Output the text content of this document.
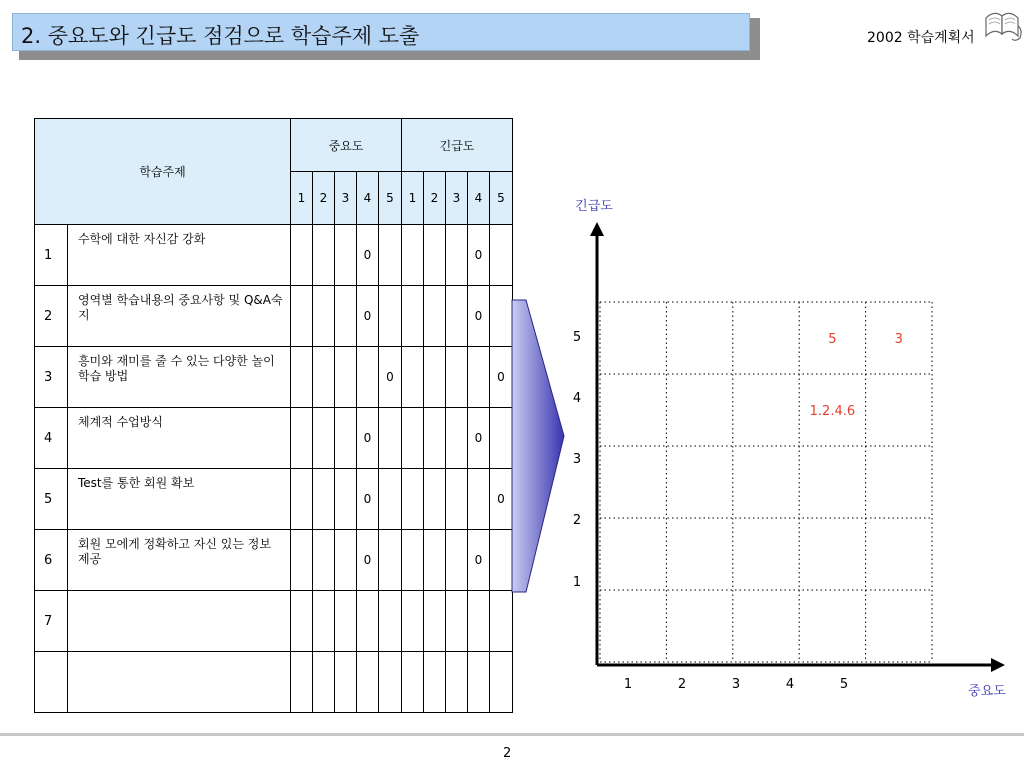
2. 중요도와 긴급도 점검으로 학습주제 도출	2002 학습계획서
학습주제		중요도					긴급도				
		1	2	3	4	5	1	2	3	4	5
1	수학에 대한 자신감 강화				0					0	
2	영역별 학습내용의 중요사항 및 Q&A숙지				0					0	
3	흥미와 재미를 줄 수 있는 다양한 놀이학습 방법					0					0
4	체계적 수업방식				0					0	
5	Test를 통한 회원 확보				0						0
6	회원 모에게 정확하고 자신 있는 정보 제공				0					0	
7											

1	2	3	4	5
1
2
3
4
5
긴급도
중요도
5	3
1.2.4.6
2
